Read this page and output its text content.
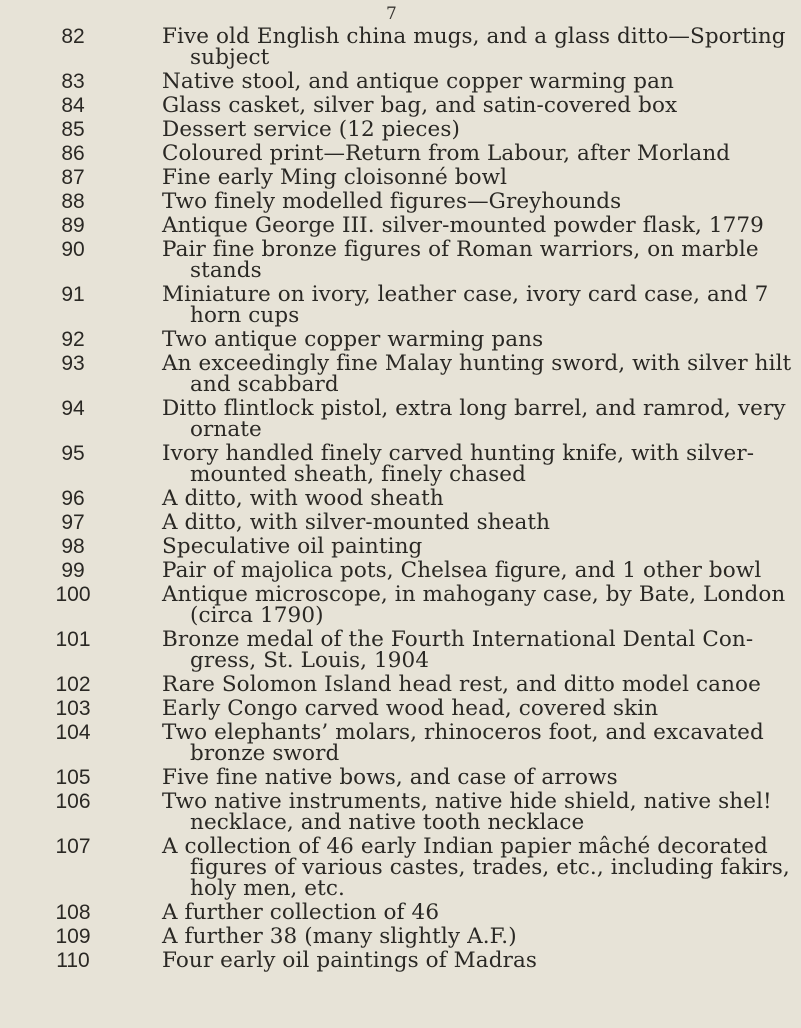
7
82	Five old English china mugs, and a glass ditto—Sporting subject
83	Native stool, and antique copper warming pan
84	Glass casket, silver bag, and satin-covered box
85	Dessert service (12 pieces)
86	Coloured print—Return from Labour, after Morland
87	Fine early Ming cloisonné bowl
88	Two finely modelled figures—Greyhounds
89	Antique George III. silver-mounted powder flask, 1779
90	Pair fine bronze figures of Roman warriors, on marble stands
91	Miniature on ivory, leather case, ivory card case, and 7 horn cups
92	Two antique copper warming pans
93	An exceedingly fine Malay hunting sword, with silver hilt and scabbard
94	Ditto flintlock pistol, extra long barrel, and ramrod, very ornate
95	Ivory handled finely carved hunting knife, with silver-mounted sheath, finely chased
96	A ditto, with wood sheath
97	A ditto, with silver-mounted sheath
98	Speculative oil painting
99	Pair of majolica pots, Chelsea figure, and 1 other bowl
100	Antique microscope, in mahogany case, by Bate, London (circa 1790)
101	Bronze medal of the Fourth International Dental Con-gress, St. Louis, 1904
102	Rare Solomon Island head rest, and ditto model canoe
103	Early Congo carved wood head, covered skin
104	Two elephants’ molars, rhinoceros foot, and excavated bronze sword
105	Five fine native bows, and case of arrows
106	Two native instruments, native hide shield, native shel! necklace, and native tooth necklace
107	A collection of 46 early Indian papier mâché decorated figures of various castes, trades, etc., including fakirs, holy men, etc.
108	A further collection of 46
109	A further 38 (many slightly A.F.)
110	Four early oil paintings of Madras
